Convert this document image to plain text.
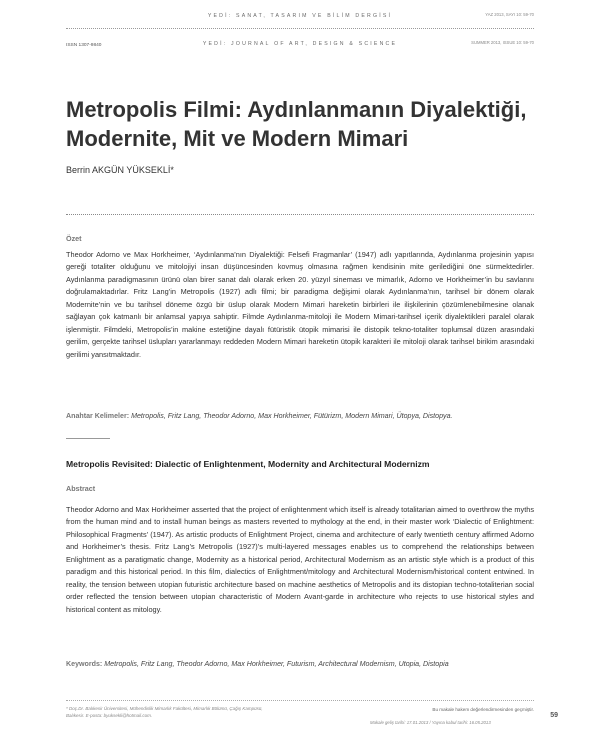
YEDİ: SANAT, TASARIM VE BİLİM DERGİSİ
YEDİ: JOURNAL OF ART, DESIGN & SCIENCE
ISSN 1307-9840
YAZ 2013, SAYI 10: 59-70
SUMMER 2013, ISSUE 10: 59-70
Metropolis Filmi: Aydınlanmanın Diyalektiği, Modernite, Mit ve Modern Mimari
Berrin AKGÜN YÜKSEKLİ*
Özet

Theodor Adorno ve Max Horkheimer, ‘Aydınlanma’nın Diyalektiği: Felsefi Fragmanlar’ (1947) adlı yapıtlarında, Aydınlanma projesinin yapısı gereği totaliter olduğunu ve mitolojiyi insan düşüncesinden kovmuş olmasına rağmen kendisinin mite gerilediğini öne sürmektedirler. Aydınlanma paradigmasının ürünü olan birer sanat dalı olarak erken 20. yüzyıl sineması ve mimarlık, Adorno ve Horkheimer’in bu savlarını doğrulamaktadırlar. Fritz Lang’in Metropolis (1927) adlı filmi; bir paradigma değişimi olarak Aydınlanma’nın, tarihsel bir dönem olarak Modernite’nin ve bu tarihsel döneme özgü bir üslup olarak Modern Mimari hareketin birbirleri ile ilişkilerinin çözümlenebilmesine olanak sağlayan çok katmanlı bir anlamsal yapıya sahiptir. Filmde Aydınlanma-mitoloji ile Modern Mimari-tarihsel içerik diyalektikleri paralel olarak işlenmiştir. Filmdeki, Metropolis’in makine estetiğine dayalı fütüristik ütopik mimarisi ile distopik tekno-totaliter toplumsal düzen arasındaki gerilim, gerçekte tarihsel üslupları yararlanmayı reddeden Modern Mimari hareketin ütopik karakteri ile mitoloji olarak tarihsel birikim arasındaki gerilimi yansıtmaktadır.

Anahtar Kelimeler: Metropolis, Fritz Lang, Theodor Adorno, Max Horkheimer, Fütürizm, Modern Mimari, Ütopya, Distopya.
Metropolis Revisited: Dialectic of Enlightenment, Modernity and Architectural Modernizm
Abstract

Theodor Adorno and Max Horkheimer asserted that the project of enlightenment which itself is already totalitarian aimed to overthrow the myths from the human mind and to install human beings as masters reverted to mythology at the end, in their master work ‘Dialectic of Enlightment: Philosophical Fragments’ (1947). As artistic products of Enlightment Project, cinema and architecture of early twentieth century affirmed Adorno and Horkheimer’s thesis. Fritz Lang’s Metropolis (1927)’s multi-layered messages enables us to comprehend the relationships between Enlightment as a paratigmatic change, Modernity as a historical period, Architectural Modernism as an artistic style which is a product of this paradigm and this historical period. In this film, dialectics of Enlightment/mitology and Architectural Modernism/historical content entwined. In reality, the tension between utopian futuristic architecture based on machine aesthetics of Metropolis and its distopian techno-totaliterian social order reflected the tension between utopian characteristic of Modern Avant-garde in architecture who rejects to use historical styles and historical content as mitology.

Keywords: Metropolis, Fritz Lang, Theodor Adorno, Max Horkheimer, Futurism, Architectural Modernism, Utopia, Distopia
* Doç.Dr. Balıkesir Üniversitesi, Mühendislik Mimarlık Fakültesi, Mimarlık Bölümü, Çağış Kampüsü, Balıkesir. E-posta: byuksekli@hotmail.com.
Bu makale hakem değerlendirmesinden geçmiştir.
Makale geliş tarihi: 17.01.2013 / Yayına kabul tarihi: 16.05.2013
59
